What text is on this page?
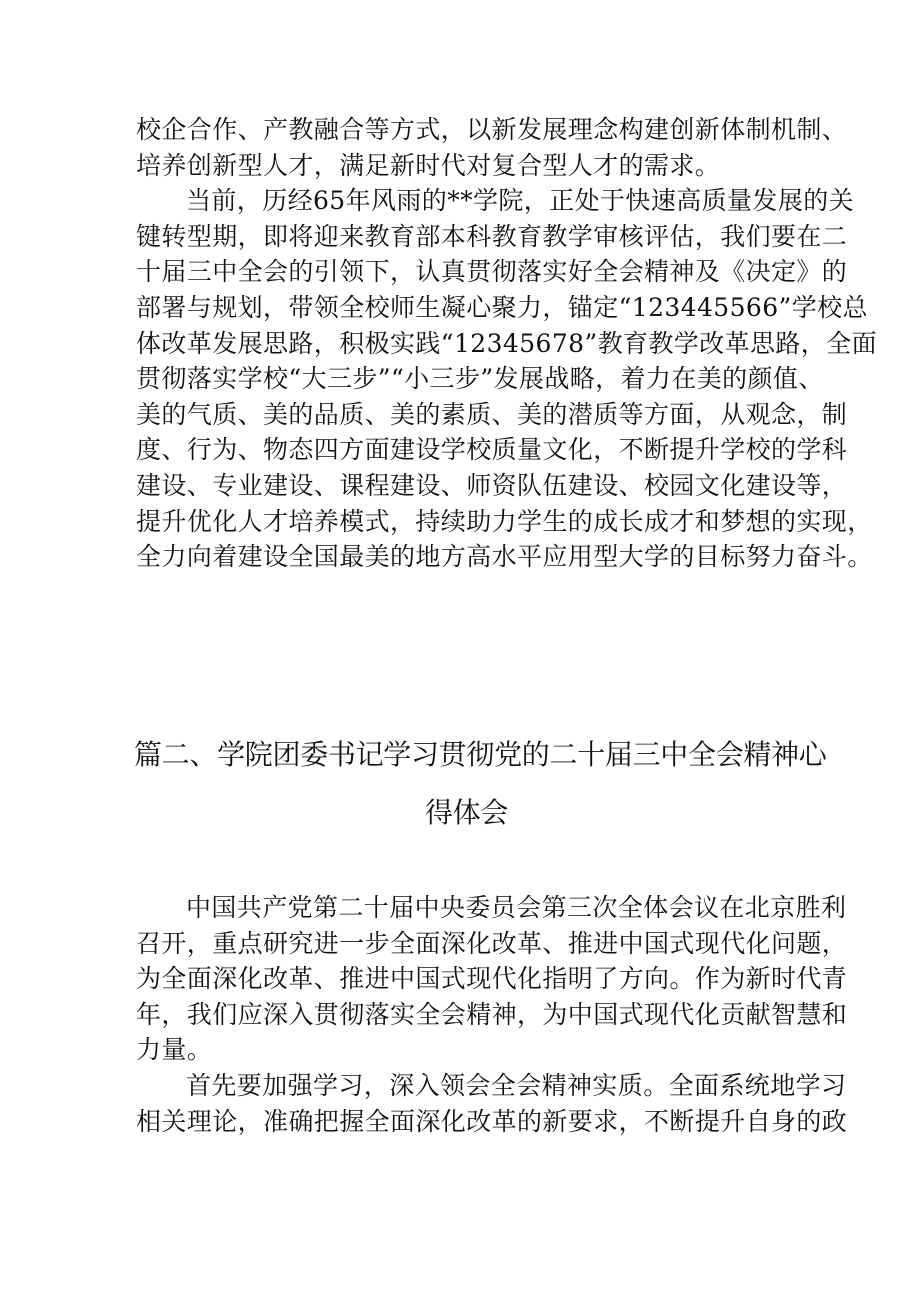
校企合作、产教融合等方式，以新发展理念构建创新体制机制、
培养创新型人才，满足新时代对复合型人才的需求。
当前，历经65年风雨的**学院，正处于快速高质量发展的关
键转型期，即将迎来教育部本科教育教学审核评估，我们要在二
十届三中全会的引领下，认真贯彻落实好全会精神及《决定》的
部署与规划，带领全校师生凝心聚力，锚定“123445566”学校总
体改革发展思路，积极实践“12345678”教育教学改革思路，全面
贯彻落实学校“大三步”“小三步”发展战略，着力在美的颜值、
美的气质、美的品质、美的素质、美的潜质等方面，从观念，制
度、行为、物态四方面建设学校质量文化，不断提升学校的学科
建设、专业建设、课程建设、师资队伍建设、校园文化建设等，
提升优化人才培养模式，持续助力学生的成长成才和梦想的实现，
全力向着建设全国最美的地方高水平应用型大学的目标努力奋斗。
篇二、学院团委书记学习贯彻党的二十届三中全会精神心
得体会
中国共产党第二十届中央委员会第三次全体会议在北京胜利
召开，重点研究进一步全面深化改革、推进中国式现代化问题，
为全面深化改革、推进中国式现代化指明了方向。作为新时代青
年，我们应深入贯彻落实全会精神，为中国式现代化贡献智慧和
力量。
首先要加强学习，深入领会全会精神实质。全面系统地学习
相关理论，准确把握全面深化改革的新要求，不断提升自身的政
